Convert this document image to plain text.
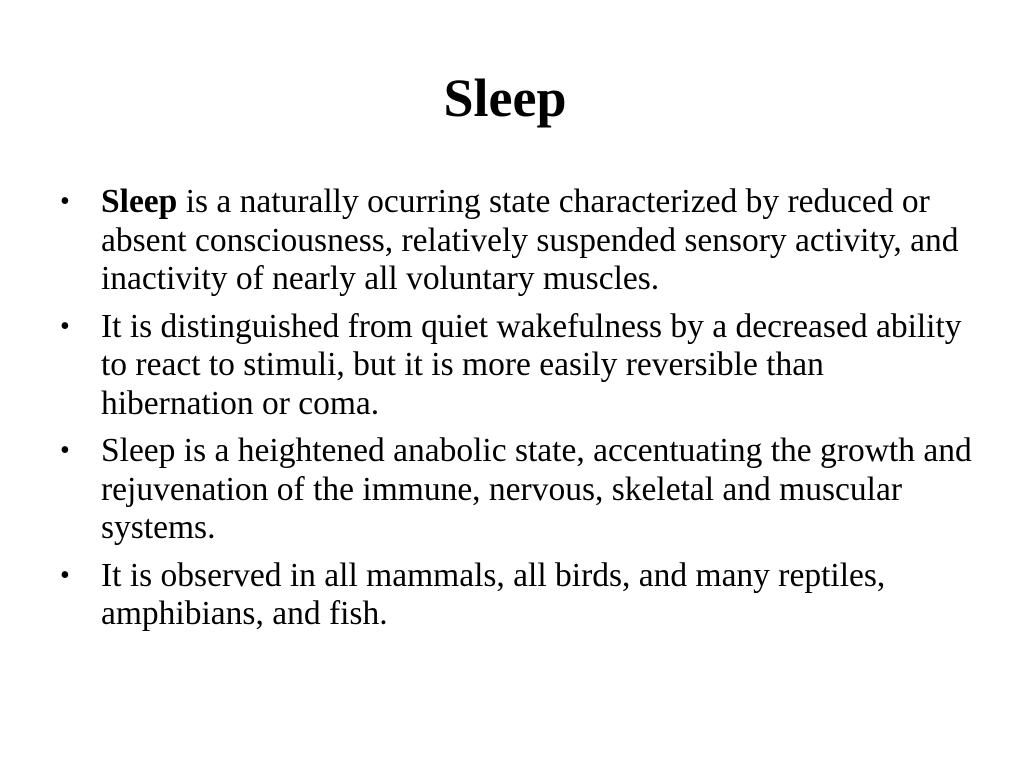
Sleep
• Sleep is a naturally ocurring state characterized by reduced or absent consciousness, relatively suspended sensory activity, and inactivity of nearly all voluntary muscles.
• It is distinguished from quiet wakefulness by a decreased ability to react to stimuli, but it is more easily reversible than hibernation or coma.
• Sleep is a heightened anabolic state, accentuating the growth and rejuvenation of the immune, nervous, skeletal and muscular systems.
• It is observed in all mammals, all birds, and many reptiles, amphibians, and fish.
